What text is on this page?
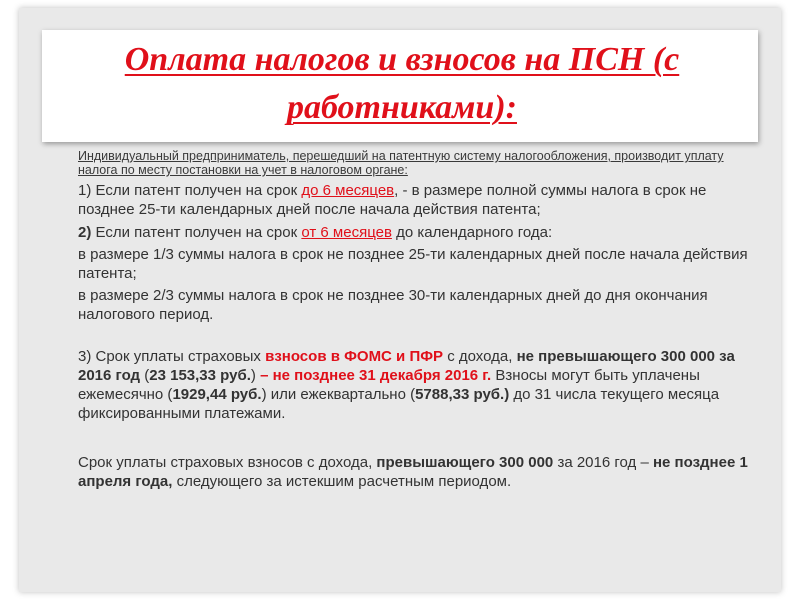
Оплата налогов и взносов на ПСН (с работниками):

Индивидуальный предприниматель, перешедший на патентную систему налогообложения, производит уплату налога по месту постановки на учет в налоговом органе:

1) Если патент получен на срок до 6 месяцев, - в размере полной суммы налога в срок не позднее 25-ти календарных дней после начала действия патента;

2) Если патент получен на срок от 6 месяцев до календарного года:

в размере 1/3 суммы налога в срок не позднее 25-ти календарных дней после начала действия патента;

в размере 2/3 суммы налога в срок не позднее 30-ти календарных дней до дня окончания налогового период.

3) Срок уплаты страховых взносов в ФОМС и ПФР с дохода, не превышающего 300 000 за 2016 год (23 153,33 руб.) – не позднее 31 декабря 2016 г. Взносы могут быть уплачены ежемесячно (1929,44 руб.) или ежеквартально (5788,33 руб.) до 31 числа текущего месяца фиксированными платежами.

Срок уплаты страховых взносов с дохода, превышающего 300 000 за 2016 год – не позднее 1 апреля года, следующего за истекшим расчетным периодом.
